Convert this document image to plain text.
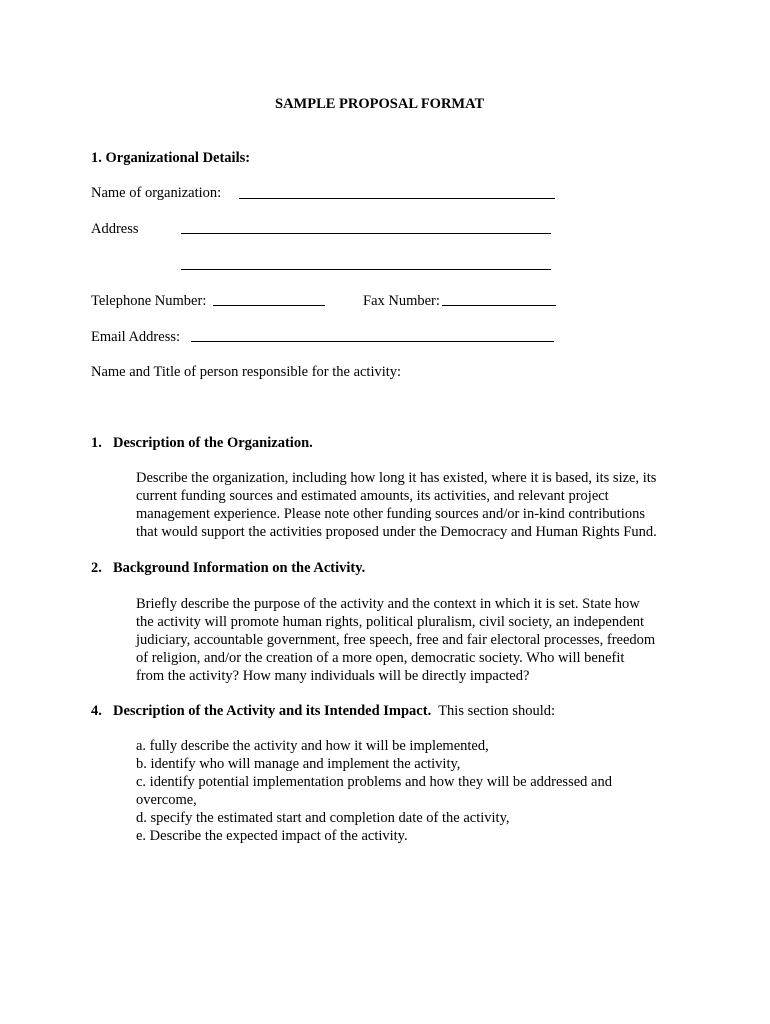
SAMPLE PROPOSAL FORMAT
1. Organizational Details:
Name of organization:
Address
Telephone Number:	Fax Number:
Email Address:
Name and Title of person responsible for the activity:
1. Description of the Organization.
Describe the organization, including how long it has existed, where it is based, its size, its
current funding sources and estimated amounts, its activities, and relevant project
management experience. Please note other funding sources and/or in-kind contributions
that would support the activities proposed under the Democracy and Human Rights Fund.
2. Background Information on the Activity.
Briefly describe the purpose of the activity and the context in which it is set. State how
the activity will promote human rights, political pluralism, civil society, an independent
judiciary, accountable government, free speech, free and fair electoral processes, freedom
of religion, and/or the creation of a more open, democratic society. Who will benefit
from the activity? How many individuals will be directly impacted?
4. Description of the Activity and its Intended Impact. This section should:
a. fully describe the activity and how it will be implemented,
b. identify who will manage and implement the activity,
c. identify potential implementation problems and how they will be addressed and
overcome,
d. specify the estimated start and completion date of the activity,
e. Describe the expected impact of the activity.
